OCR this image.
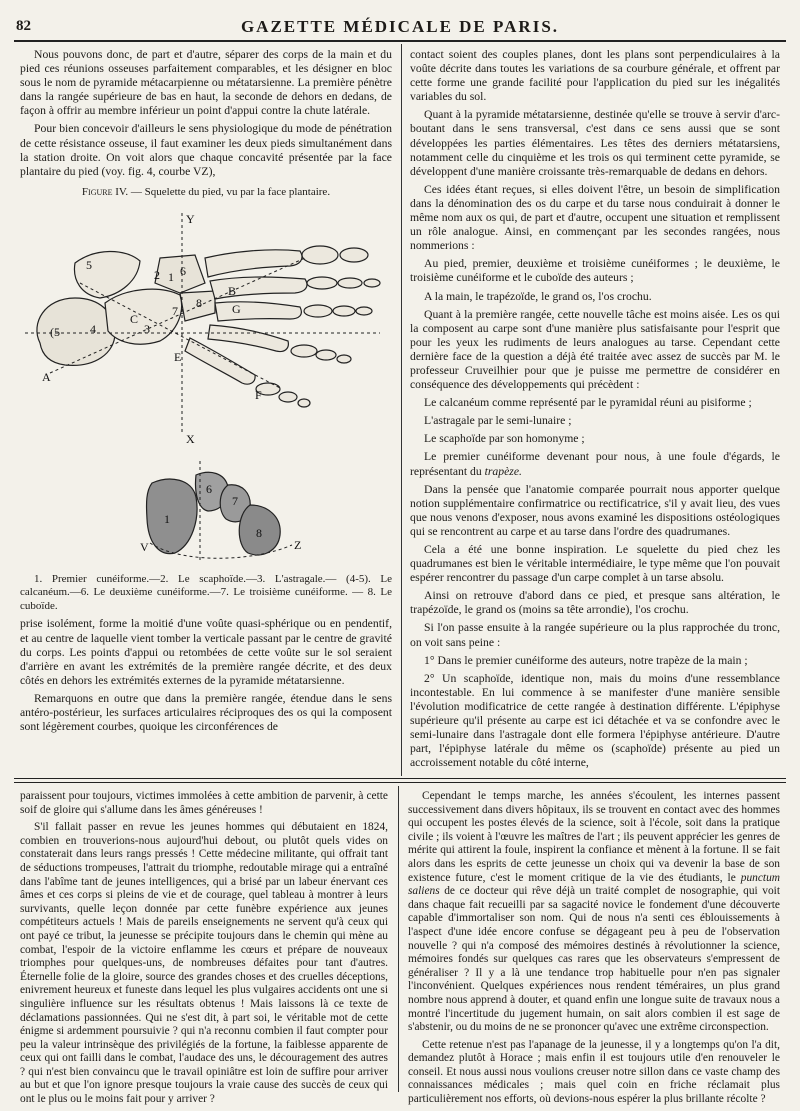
82	GAZETTE MÉDICALE DE PARIS.

Nous pouvons donc, de part et d'autre, séparer des corps de la main et du pied ces réunions osseuses parfaitement comparables, et les désigner en bloc sous le nom de pyramide métacarpienne ou métatarsienne. La première pénètre dans la rangée supérieure de bas en haut, la seconde de dehors en dedans, de façon à offrir au membre inférieur un point d'appui contre la chute latérale.

Pour bien concevoir d'ailleurs le sens physiologique du mode de pénétration de cette résistance osseuse, il faut examiner les deux pieds simultanément dans la station droite. On voit alors que chaque concavité présentée par la face plantaire du pied (voy. fig. 4, courbe VZ),

Figure IV. — Squelette du pied, vu par la face plantaire.
Y
X
A
B
C
E
F
G
1
2
3
4
(5
5	6
7
8
1
6
7
8
V	Z

1. Premier cunéiforme.—2. Le scaphoïde.—3. L'astragale.— (4-5). Le calcanéum.—6. Le deuxième cunéiforme.—7. Le troisième cunéiforme. — 8. Le cuboïde.

prise isolément, forme la moitié d'une voûte quasi-sphérique ou en pendentif, et au centre de laquelle vient tomber la verticale passant par le centre de gravité du corps. Les points d'appui ou retombées de cette voûte sur le sol seraient d'arrière en avant les extrémités de la première rangée décrite, et des deux côtés en dehors les extrémités externes de la pyramide métatarsienne.

Remarquons en outre que dans la première rangée, étendue dans le sens antéro-postérieur, les surfaces articulaires réciproques des os qui la composent sont légèrement courbes, quoique les circonférences de

contact soient des couples planes, dont les plans sont perpendiculaires à la voûte décrite dans toutes les variations de sa courbure générale, et offrent par cette forme une grande facilité pour l'application du pied sur les inégalités variables du sol.

Quant à la pyramide métatarsienne, destinée qu'elle se trouve à servir d'arc-boutant dans le sens transversal, c'est dans ce sens aussi que se sont développées les parties élémentaires. Les têtes des derniers métatarsiens, notamment celle du cinquième et les trois os qui terminent cette pyramide, se développent d'une manière croissante très-remarquable de dedans en dehors.

Ces idées étant reçues, si elles doivent l'être, un besoin de simplification dans la dénomination des os du carpe et du tarse nous conduirait à donner le même nom aux os qui, de part et d'autre, occupent une situation et remplissent un rôle analogue. Ainsi, en commençant par les secondes rangées, nous nommerions :

Au pied, premier, deuxième et troisième cunéiformes ; le deuxième, le troisième cunéiforme et le cuboïde des auteurs ;

A la main, le trapézoïde, le grand os, l'os crochu.

Quant à la première rangée, cette nouvelle tâche est moins aisée. Les os qui la composent au carpe sont d'une manière plus satisfaisante pour l'esprit que pour les yeux les rudiments de leurs analogues au tarse. Cependant cette dernière face de la question a déjà été traitée avec assez de succès par M. le professeur Cruveilhier pour que je puisse me permettre de considérer en conséquence des développements qui précèdent :

Le calcanéum comme représenté par le pyramidal réuni au pisiforme ;

L'astragale par le semi-lunaire ;

Le scaphoïde par son homonyme ;

Le premier cunéiforme devenant pour nous, à une foule d'égards, le représentant du trapèze.

Dans la pensée que l'anatomie comparée pourrait nous apporter quelque notion supplémentaire confirmatrice ou rectificatrice, s'il y avait lieu, des vues que nous venons d'exposer, nous avons examiné les dispositions ostéologiques qui se rencontrent au carpe et au tarse dans l'ordre des quadrumanes.

Cela a été une bonne inspiration. Le squelette du pied chez les quadrumanes est bien le véritable intermédiaire, le type même que l'on pouvait espérer rencontrer du passage d'un carpe complet à un tarse absolu.

Ainsi on retrouve d'abord dans ce pied, et presque sans altération, le trapézoïde, le grand os (moins sa tête arrondie), l'os crochu.

Si l'on passe ensuite à la rangée supérieure ou la plus rapprochée du tronc, on voit sans peine :

1° Dans le premier cunéiforme des auteurs, notre trapèze de la main ;

2° Un scaphoïde, identique non, mais du moins d'une ressemblance incontestable. En lui commence à se manifester d'une manière sensible l'évolution modificatrice de cette rangée à destination différente. L'épiphyse supérieure qu'il présente au carpe est ici détachée et va se confondre avec le semi-lunaire dans l'astragale dont elle formera l'épiphyse antérieure. D'autre part, l'épiphyse latérale du même os (scaphoïde) présente au pied un accroissement notable du côté interne,

paraissent pour toujours, victimes immolées à cette ambition de parvenir, à cette soif de gloire qui s'allume dans les âmes généreuses !

S'il fallait passer en revue les jeunes hommes qui débutaient en 1824, combien en trouverions-nous aujourd'hui debout, ou plutôt quels vides on constaterait dans leurs rangs pressés ! Cette médecine militante, qui offrait tant de séductions trompeuses, l'attrait du triomphe, redoutable mirage qui a entraîné dans l'abîme tant de jeunes intelligences, qui a brisé par un labeur énervant ces âmes et ces corps si pleins de vie et de courage, quel tableau à montrer à leurs survivants, quelle leçon donnée par cette funèbre expérience aux jeunes compétiteurs actuels ! Mais de pareils enseignements ne servent qu'à ceux qui ont payé ce tribut, la jeunesse se précipite toujours dans le chemin qui mène au combat, l'espoir de la victoire enflamme les cœurs et prépare de nouveaux triomphes pour quelques-uns, de nombreuses défaites pour tant d'autres. Éternelle folie de la gloire, source des grandes choses et des cruelles déceptions, enivrement heureux et funeste dans lequel les plus vulgaires accidents ont une si singulière influence sur les résultats obtenus ! Mais laissons là ce texte de déclamations passionnées. Qui ne s'est dit, à part soi, le véritable mot de cette énigme si ardemment poursuivie ? qui n'a reconnu combien il faut compter pour peu la valeur intrinsèque des privilégiés de la fortune, la faiblesse apparente de ceux qui ont failli dans le combat, l'audace des uns, le découragement des autres ? qui n'est bien convaincu que le travail opiniâtre est loin de suffire pour arriver au but et que l'on ignore presque toujours la vraie cause des succès de ceux qui ont le plus ou le moins fait pour y arriver ?

Cependant le temps marche, les années s'écoulent, les internes passent successivement dans divers hôpitaux, ils se trouvent en contact avec des hommes qui occupent les postes élevés de la science, soit à l'école, soit dans la pratique civile ; ils voient à l'œuvre les maîtres de l'art ; ils peuvent apprécier les genres de mérite qui attirent la foule, inspirent la confiance et mènent à la fortune. Il se fait alors dans les esprits de cette jeunesse un choix qui va devenir la base de son existence future, c'est le moment critique de la vie des étudiants, le punctum saliens de ce docteur qui rêve déjà un traité complet de nosographie, qui voit dans chaque fait recueilli par sa sagacité novice le fondement d'une découverte capable d'immortaliser son nom. Qui de nous n'a senti ces éblouissements à l'aspect d'une idée encore confuse se dégageant peu à peu de l'observation nouvelle ? qui n'a composé des mémoires destinés à révolutionner la science, mémoires fondés sur quelques cas rares que les observateurs s'empressent de généraliser ? Il y a là une tendance trop habituelle pour n'en pas signaler l'inconvénient. Quelques expériences nous rendent téméraires, un plus grand nombre nous apprend à douter, et quand enfin une longue suite de travaux nous a montré l'incertitude du jugement humain, on sait alors combien il est sage de s'abstenir, ou du moins de ne se prononcer qu'avec une extrême circonspection.

Cette retenue n'est pas l'apanage de la jeunesse, il y a longtemps qu'on l'a dit, demandez plutôt à Horace ; mais enfin il est toujours utile d'en renouveler le conseil. Et nous aussi nous voulions creuser notre sillon dans ce vaste champ des connaissances médicales ; mais quel coin en friche réclamait plus particulièrement nos efforts, où devions-nous espérer la plus brillante récolte ?
